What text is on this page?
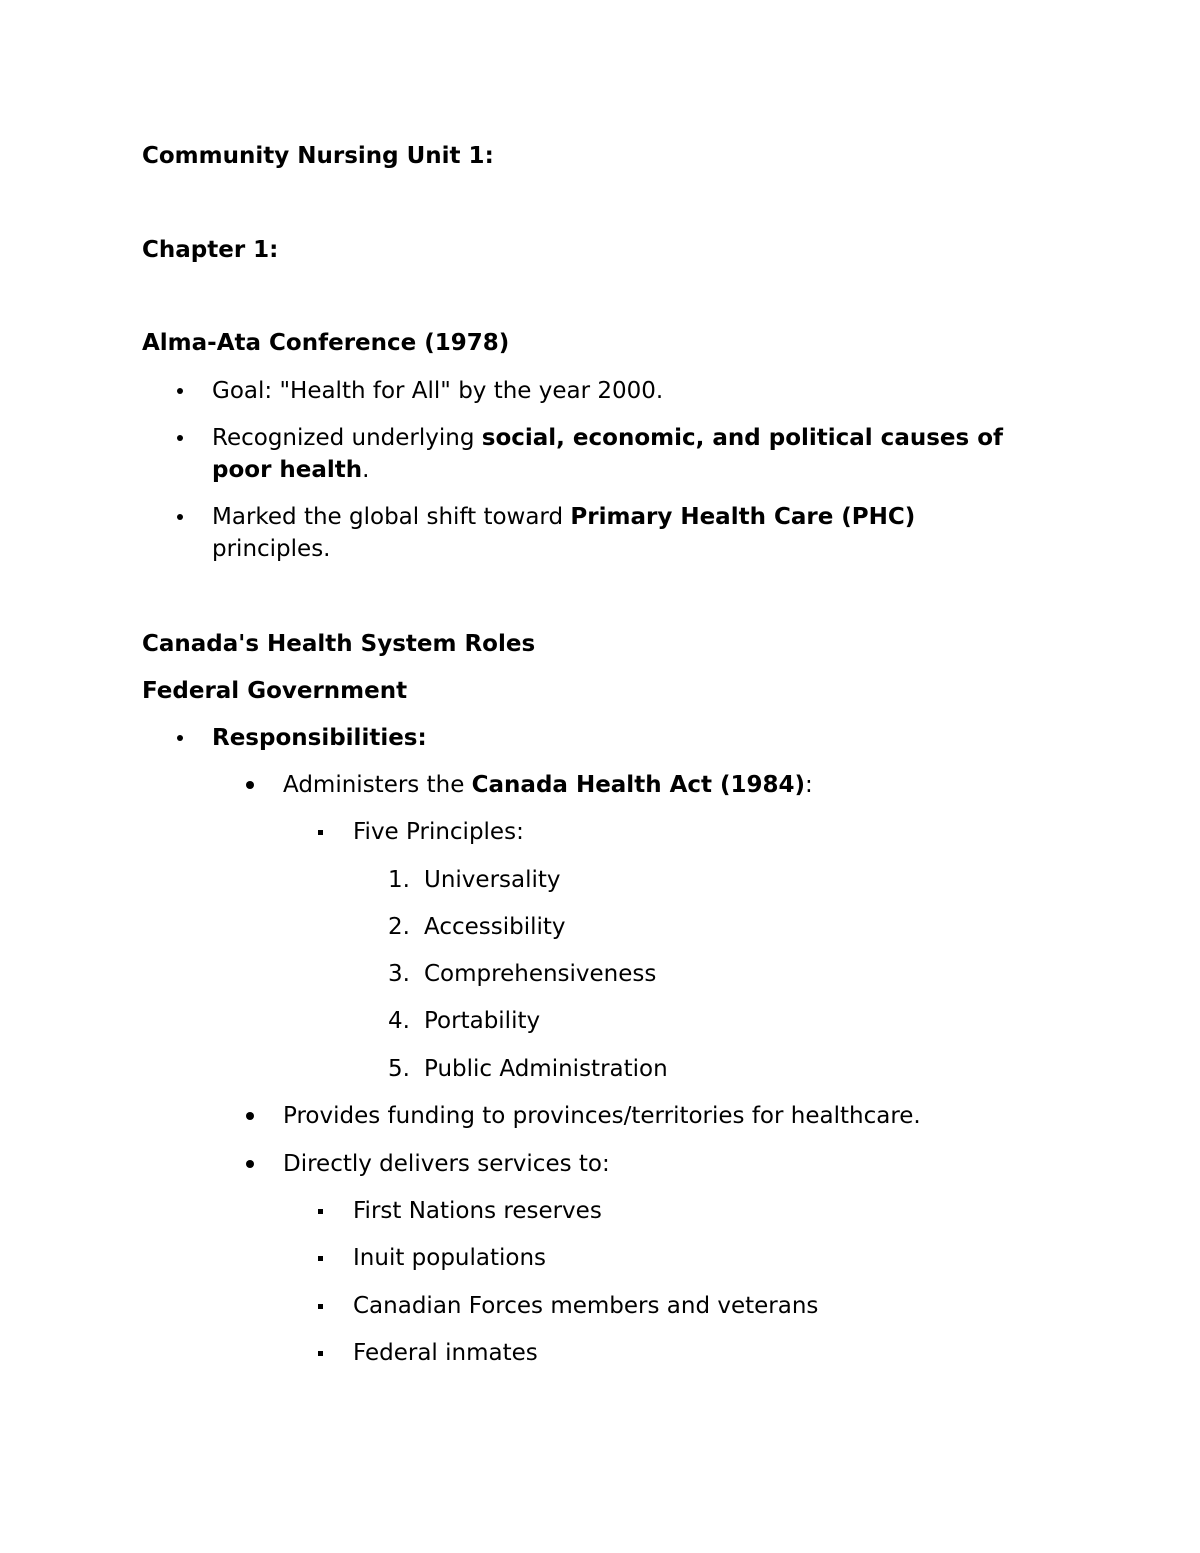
Community Nursing Unit 1:
Chapter 1:
Alma-Ata Conference (1978)
Goal: "Health for All" by the year 2000.
Recognized underlying social, economic, and political causes of
poor health.
Marked the global shift toward Primary Health Care (PHC)
principles.
Canada's Health System Roles
Federal Government
Responsibilities:
Administers the Canada Health Act (1984):
Five Principles:
1. Universality
2. Accessibility
3. Comprehensiveness
4. Portability
5. Public Administration
Provides funding to provinces/territories for healthcare.
Directly delivers services to:
First Nations reserves
Inuit populations
Canadian Forces members and veterans
Federal inmates
